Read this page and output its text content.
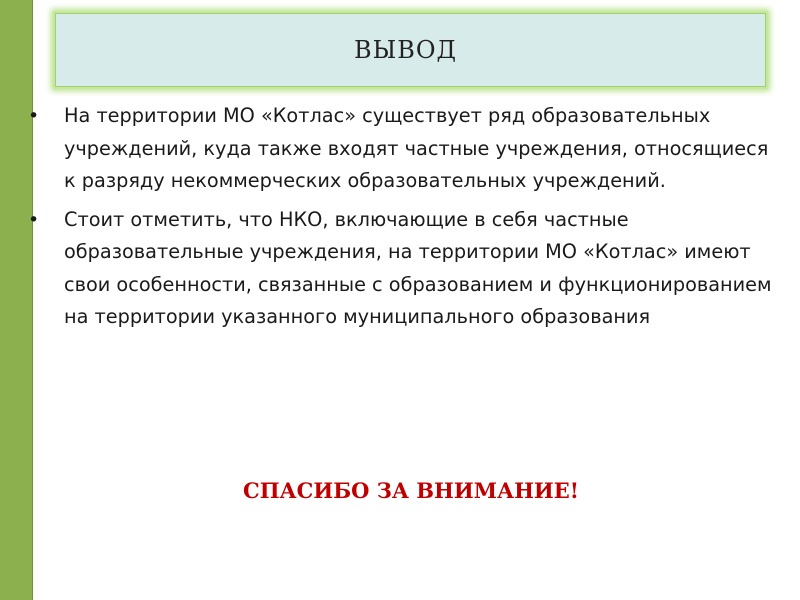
ВЫВОД
• На территории МО «Котлас» существует ряд образовательных учреждений, куда также входят частные учреждения, относящиеся к разряду некоммерческих образовательных учреждений.
• Стоит отметить, что НКО, включающие в себя частные образовательные учреждения, на территории МО «Котлас» имеют свои особенности, связанные с образованием и функционированием на территории указанного муниципального образования
СПАСИБО ЗА ВНИМАНИЕ!
